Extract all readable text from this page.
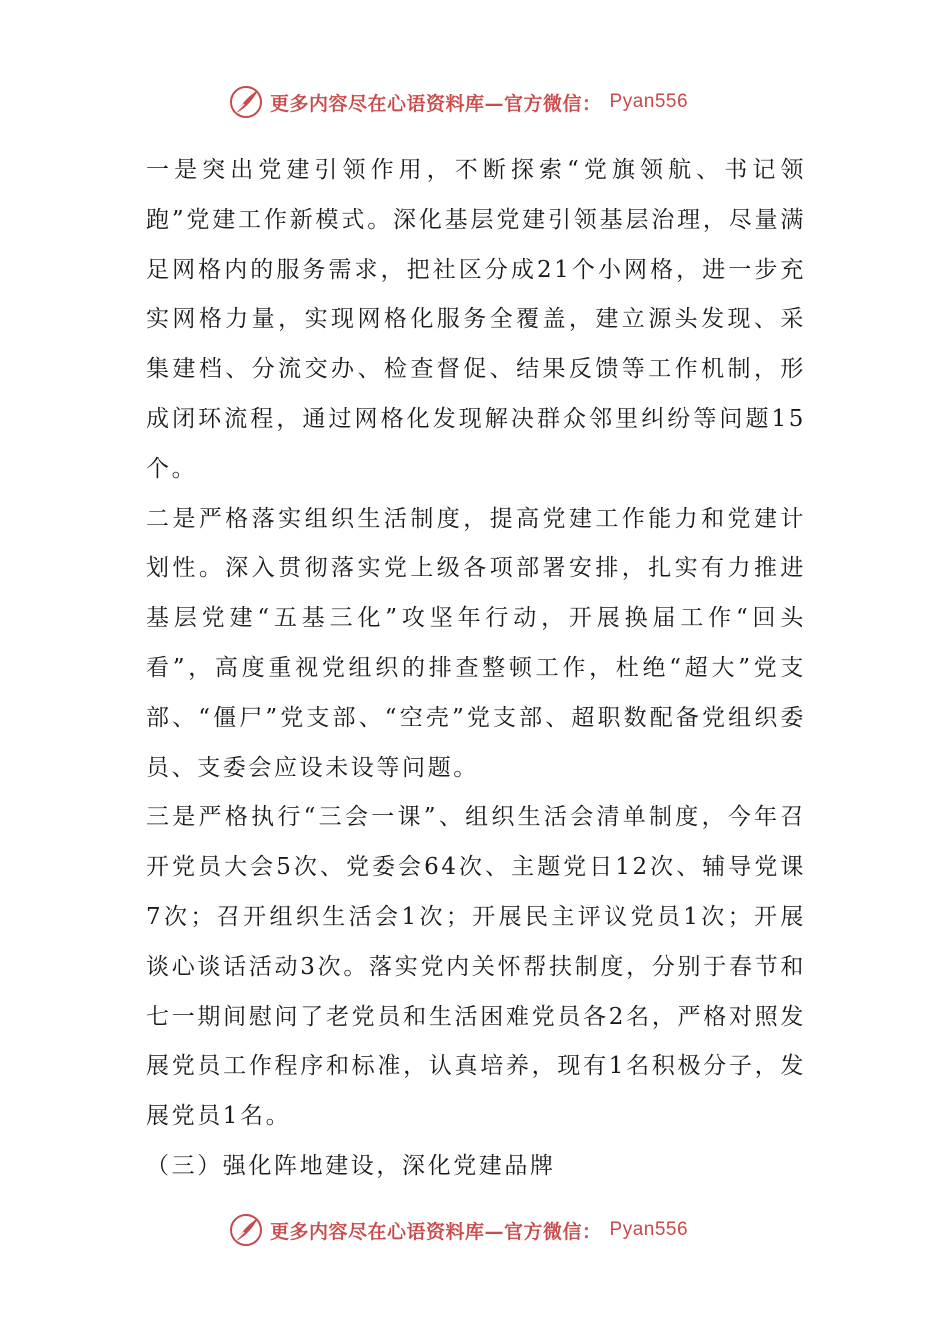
更多内容尽在心语资料库—官方微信： Pyan556

一是突出党建引领作用，不断探索“党旗领航、书记领跑”党建工作新模式。深化基层党建引领基层治理，尽量满足网格内的服务需求，把社区分成21个小网格，进一步充实网格力量，实现网格化服务全覆盖，建立源头发现、采集建档、分流交办、检查督促、结果反馈等工作机制，形成闭环流程，通过网格化发现解决群众邻里纠纷等问题15个。

二是严格落实组织生活制度，提高党建工作能力和党建计划性。深入贯彻落实党上级各项部署安排，扎实有力推进基层党建“五基三化”攻坚年行动，开展换届工作“回头看”，高度重视党组织的排查整顿工作，杜绝“超大”党支部、“僵尸”党支部、“空壳”党支部、超职数配备党组织委员、支委会应设未设等问题。

三是严格执行“三会一课”、组织生活会清单制度，今年召开党员大会5次、党委会64次、主题党日12次、辅导党课7次；召开组织生活会1次；开展民主评议党员1次；开展谈心谈话活动3次。落实党内关怀帮扶制度，分别于春节和七一期间慰问了老党员和生活困难党员各2名，严格对照发展党员工作程序和标准，认真培养，现有1名积极分子，发展党员1名。

（三）强化阵地建设，深化党建品牌

更多内容尽在心语资料库—官方微信： Pyan556
